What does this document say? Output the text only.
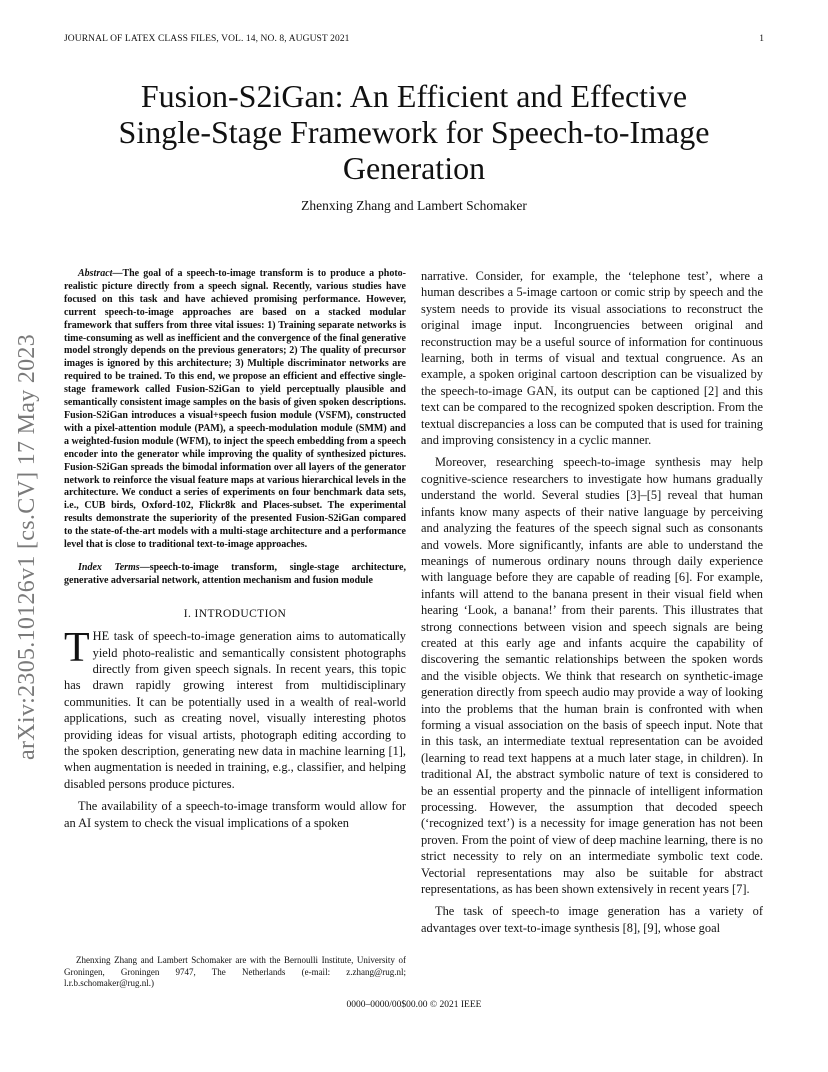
JOURNAL OF LATEX CLASS FILES, VOL. 14, NO. 8, AUGUST 2021	1
Fusion-S2iGan: An Efficient and Effective Single-Stage Framework for Speech-to-Image Generation
Zhenxing Zhang and Lambert Schomaker
arXiv:2305.10126v1 [cs.CV] 17 May 2023

Abstract—The goal of a speech-to-image transform is to produce a photo-realistic picture directly from a speech signal. Recently, various studies have focused on this task and have achieved promising performance. However, current speech-to-image approaches are based on a stacked modular framework that suffers from three vital issues: 1) Training separate networks is time-consuming as well as inefficient and the convergence of the final generative model strongly depends on the previous generators; 2) The quality of precursor images is ignored by this architecture; 3) Multiple discriminator networks are required to be trained. To this end, we propose an efficient and effective single-stage framework called Fusion-S2iGan to yield perceptually plausible and semantically consistent image samples on the basis of given spoken descriptions. Fusion-S2iGan introduces a visual+speech fusion module (VSFM), constructed with a pixel-attention module (PAM), a speech-modulation module (SMM) and a weighted-fusion module (WFM), to inject the speech embedding from a speech encoder into the generator while improving the quality of synthesized pictures. Fusion-S2iGan spreads the bimodal information over all layers of the generator network to reinforce the visual feature maps at various hierarchical levels in the architecture. We conduct a series of experiments on four benchmark data sets, i.e., CUB birds, Oxford-102, Flickr8k and Places-subset. The experimental results demonstrate the superiority of the presented Fusion-S2iGan compared to the state-of-the-art models with a multi-stage architecture and a performance level that is close to traditional text-to-image approaches.

Index Terms—speech-to-image transform, single-stage architecture, generative adversarial network, attention mechanism and fusion module

I. INTRODUCTION

THE task of speech-to-image generation aims to automatically yield photo-realistic and semantically consistent photographs directly from given speech signals. In recent years, this topic has drawn rapidly growing interest from multidisciplinary communities. It can be potentially used in a wealth of real-world applications, such as creating novel, visually interesting photos providing ideas for visual artists, photograph editing according to the spoken description, generating new data in machine learning [1], when augmentation is needed in training, e.g., classifier, and helping disabled persons produce pictures.

The availability of a speech-to-image transform would allow for an AI system to check the visual implications of a spoken

narrative. Consider, for example, the ‘telephone test’, where a human describes a 5-image cartoon or comic strip by speech and the system needs to provide its visual associations to reconstruct the original image input. Incongruencies between original and reconstruction may be a useful source of information for continuous learning, both in terms of visual and textual congruence. As an example, a spoken original cartoon description can be visualized by the speech-to-image GAN, its output can be captioned [2] and this text can be compared to the recognized spoken description. From the textual discrepancies a loss can be computed that is used for training and improving consistency in a cyclic manner.

Moreover, researching speech-to-image synthesis may help cognitive-science researchers to investigate how humans gradually understand the world. Several studies [3]–[5] reveal that human infants know many aspects of their native language by perceiving and analyzing the features of the speech signal such as consonants and vowels. More significantly, infants are able to understand the meanings of numerous ordinary nouns through daily experience with language before they are capable of reading [6]. For example, infants will attend to the banana present in their visual field when hearing ‘Look, a banana!’ from their parents. This illustrates that strong connections between vision and speech signals are being created at this early age and infants acquire the capability of discovering the semantic relationships between the spoken words and the visible objects. We think that research on synthetic-image generation directly from speech audio may provide a way of looking into the problems that the human brain is confronted with when forming a visual association on the basis of speech input. Note that in this task, an intermediate textual representation can be avoided (learning to read text happens at a much later stage, in children). In traditional AI, the abstract symbolic nature of text is considered to be an essential property and the pinnacle of intelligent information processing. However, the assumption that decoded speech (‘recognized text’) is a necessity for image generation has not been proven. From the point of view of deep machine learning, there is no strict necessity to rely on an intermediate symbolic text code. Vectorial representations may also be suitable for abstract representations, as has been shown extensively in recent years [7].

The task of speech-to image generation has a variety of advantages over text-to-image synthesis [8], [9], whose goal

Zhenxing Zhang and Lambert Schomaker are with the Bernoulli Institute, University of Groningen, Groningen 9747, The Netherlands (e-mail: z.zhang@rug.nl; l.r.b.schomaker@rug.nl.)
0000–0000/00$00.00 © 2021 IEEE
